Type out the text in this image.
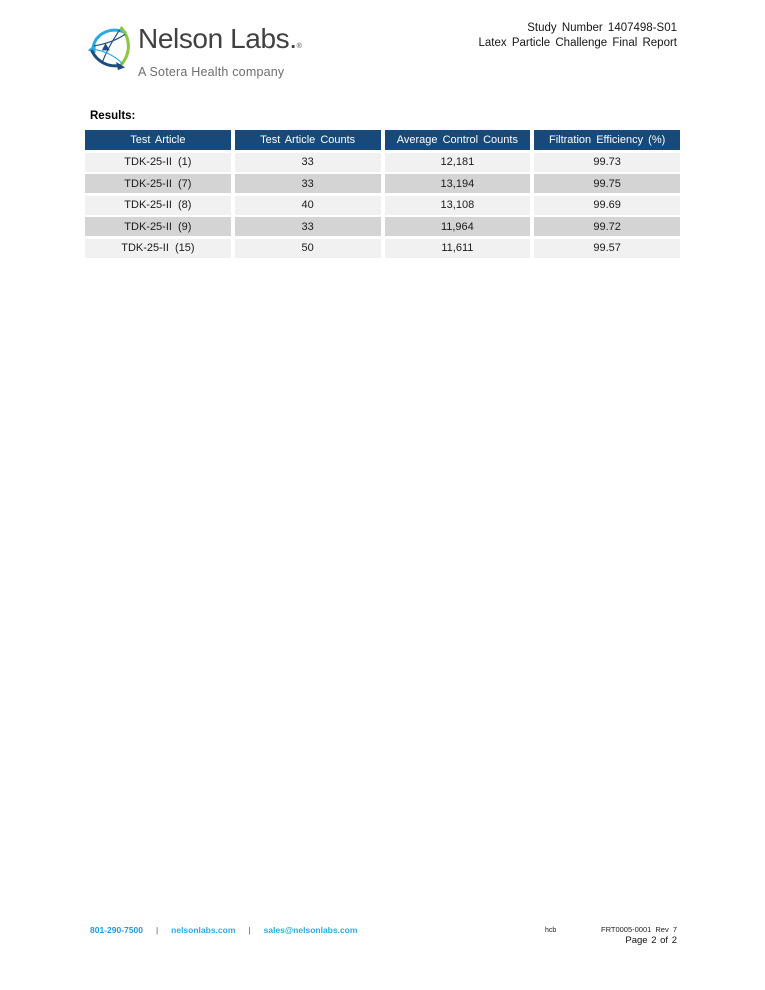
Nelson Labs.®
A Sotera Health company
Study Number 1407498-S01
Latex Particle Challenge Final Report
Results:
Test Article	Test Article Counts	Average Control Counts	Filtration Efficiency (%)
TDK-25-II (1)	33	12,181	99.73
TDK-25-II (7)	33	13,194	99.75
TDK-25-II (8)	40	13,108	99.69
TDK-25-II (9)	33	11,964	99.72
TDK-25-II (15)	50	11,611	99.57
801-290-7500 | nelsonlabs.com | sales@nelsonlabs.com	hcb	FRT0005-0001 Rev 7
Page 2 of 2
